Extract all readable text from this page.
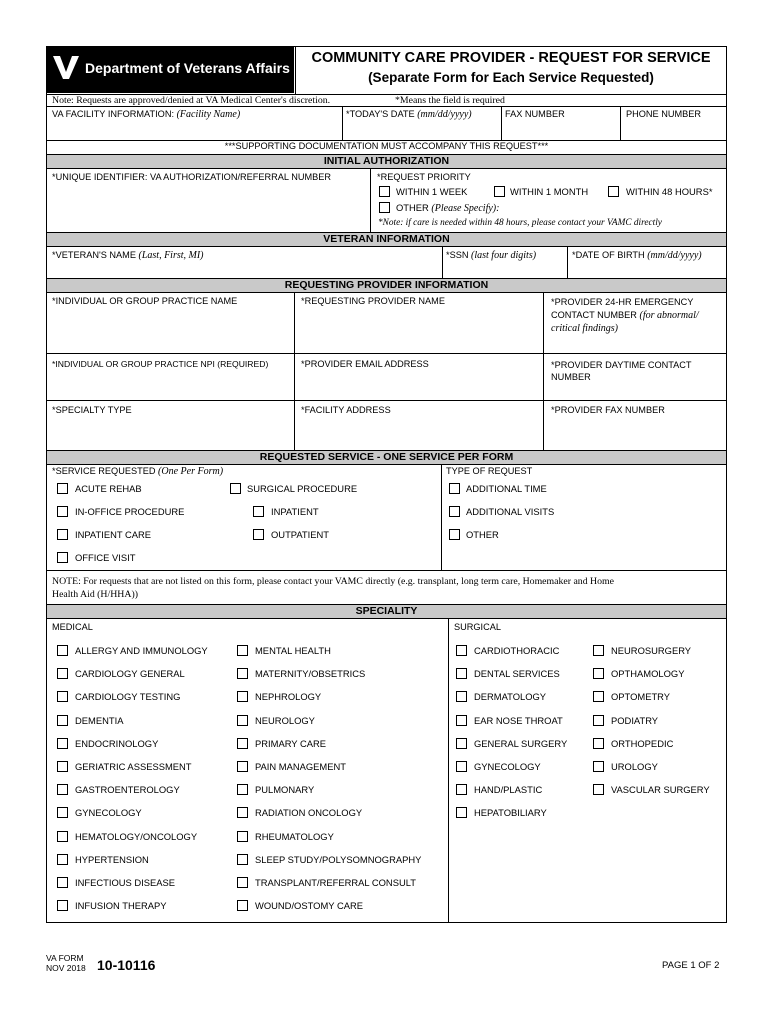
Department of Veterans Affairs
COMMUNITY CARE PROVIDER - REQUEST FOR SERVICE
(Separate Form for Each Service Requested)
Note: Requests are approved/denied at VA Medical Center's discretion.	*Means the field is required
VA FACILITY INFORMATION: (Facility Name)	*TODAY'S DATE (mm/dd/yyyy)	FAX NUMBER	PHONE NUMBER
***SUPPORTING DOCUMENTATION MUST ACCOMPANY THIS REQUEST***
INITIAL AUTHORIZATION
*UNIQUE IDENTIFIER: VA AUTHORIZATION/REFERRAL NUMBER	*REQUEST PRIORITY
WITHIN 1 WEEK	WITHIN 1 MONTH	WITHIN 48 HOURS*
OTHER (Please Specify):
*Note: if care is needed within 48 hours, please contact your VAMC directly
VETERAN INFORMATION
*VETERAN'S NAME (Last, First, MI)	*SSN (last four digits)	*DATE OF BIRTH (mm/dd/yyyy)
REQUESTING PROVIDER INFORMATION
*INDIVIDUAL OR GROUP PRACTICE NAME	*REQUESTING PROVIDER NAME	*PROVIDER 24-HR EMERGENCY
CONTACT NUMBER (for abnormal/
critical findings)
*INDIVIDUAL OR GROUP PRACTICE NPI (REQUIRED)	*PROVIDER EMAIL ADDRESS	*PROVIDER DAYTIME CONTACT
NUMBER
*SPECIALTY TYPE	*FACILITY ADDRESS	*PROVIDER FAX NUMBER
REQUESTED SERVICE - ONE SERVICE PER FORM
*SERVICE REQUESTED (One Per Form)	TYPE OF REQUEST
ACUTE REHAB	SURGICAL PROCEDURE	ADDITIONAL TIME
IN-OFFICE PROCEDURE	INPATIENT	ADDITIONAL VISITS
INPATIENT CARE	OUTPATIENT	OTHER
OFFICE VISIT
NOTE: For requests that are not listed on this form, please contact your VAMC directly (e.g. transplant, long term care, Homemaker and Home
Health Aid (H/HHA))
SPECIALITY
MEDICAL	SURGICAL
ALLERGY AND IMMUNOLOGY
CARDIOLOGY GENERAL
CARDIOLOGY TESTING
DEMENTIA
ENDOCRINOLOGY
GERIATRIC ASSESSMENT
GASTROENTEROLOGY
GYNECOLOGY
HEMATOLOGY/ONCOLOGY
HYPERTENSION
INFECTIOUS DISEASE
INFUSION THERAPY
MENTAL HEALTH
MATERNITY/OBSETRICS
NEPHROLOGY
NEUROLOGY
PRIMARY CARE
PAIN MANAGEMENT
PULMONARY
RADIATION ONCOLOGY
RHEUMATOLOGY
SLEEP STUDY/POLYSOMNOGRAPHY
TRANSPLANT/REFERRAL CONSULT
WOUND/OSTOMY CARE
CARDIOTHORACIC
DENTAL SERVICES
DERMATOLOGY
EAR NOSE THROAT
GENERAL SURGERY
GYNECOLOGY
HAND/PLASTIC
HEPATOBILIARY
NEUROSURGERY
OPTHAMOLOGY
OPTOMETRY
PODIATRY
ORTHOPEDIC
UROLOGY
VASCULAR SURGERY
VA FORM
NOV 2018 10-10116	PAGE 1 OF 2
